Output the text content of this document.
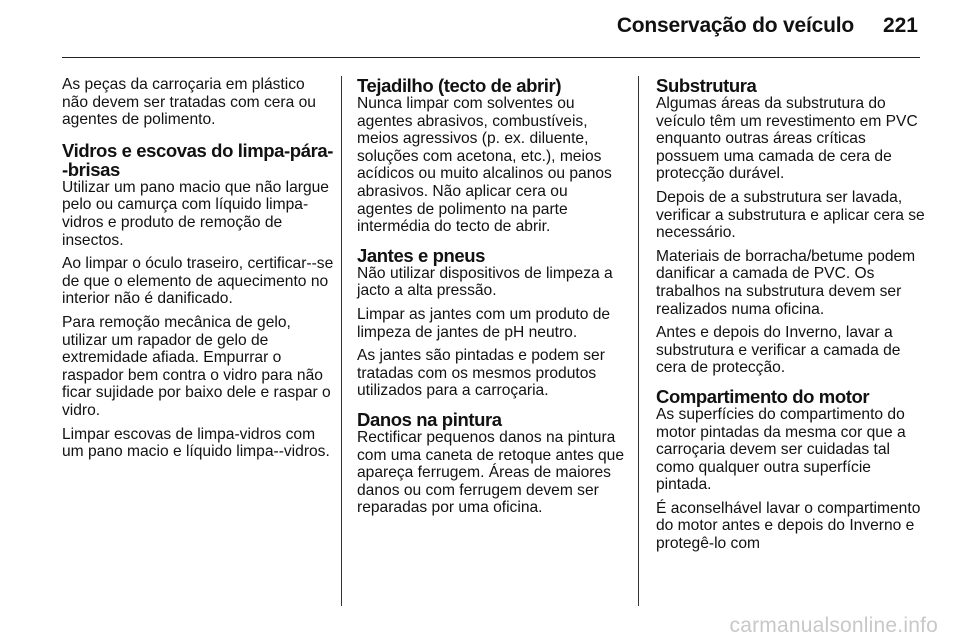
Conservação do veículo 221

As peças da carroçaria em plástico não devem ser tratadas com cera ou agentes de polimento.

Vidros e escovas do limpa-pára--brisas

Utilizar um pano macio que não largue pelo ou camurça com líquido limpa-vidros e produto de remoção de insectos.

Ao limpar o óculo traseiro, certificar--se de que o elemento de aquecimento no interior não é danificado.

Para remoção mecânica de gelo, utilizar um rapador de gelo de extremidade afiada. Empurrar o raspador bem contra o vidro para não ficar sujidade por baixo dele e raspar o vidro.

Limpar escovas de limpa-vidros com um pano macio e líquido limpa--vidros.

Tejadilho (tecto de abrir)

Nunca limpar com solventes ou agentes abrasivos, combustíveis, meios agressivos (p. ex. diluente, soluções com acetona, etc.), meios acídicos ou muito alcalinos ou panos abrasivos. Não aplicar cera ou agentes de polimento na parte intermédia do tecto de abrir.

Jantes e pneus

Não utilizar dispositivos de limpeza a jacto a alta pressão.

Limpar as jantes com um produto de limpeza de jantes de pH neutro.

As jantes são pintadas e podem ser tratadas com os mesmos produtos utilizados para a carroçaria.

Danos na pintura

Rectificar pequenos danos na pintura com uma caneta de retoque antes que apareça ferrugem. Áreas de maiores danos ou com ferrugem devem ser reparadas por uma oficina.

Substrutura

Algumas áreas da substrutura do veículo têm um revestimento em PVC enquanto outras áreas críticas possuem uma camada de cera de protecção durável.

Depois de a substrutura ser lavada, verificar a substrutura e aplicar cera se necessário.

Materiais de borracha/betume podem danificar a camada de PVC. Os trabalhos na substrutura devem ser realizados numa oficina.

Antes e depois do Inverno, lavar a substrutura e verificar a camada de cera de protecção.

Compartimento do motor

As superfícies do compartimento do motor pintadas da mesma cor que a carroçaria devem ser cuidadas tal como qualquer outra superfície pintada.

É aconselhável lavar o compartimento do motor antes e depois do Inverno e protegê-lo com

carmanualsonline.info
